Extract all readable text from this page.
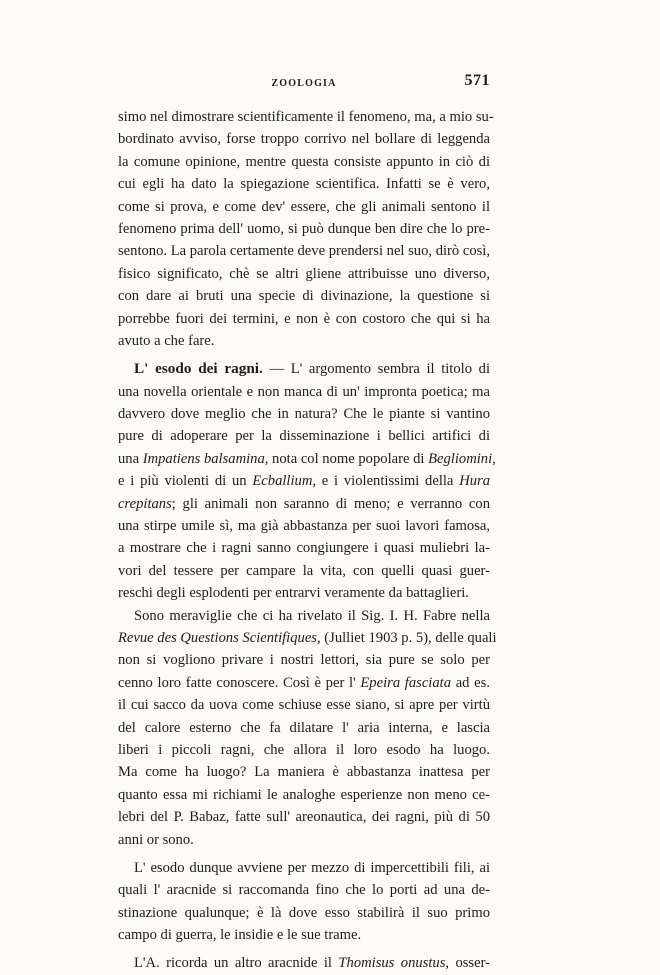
ZOOLOGIA	571
simo nel dimostrare scientificamente il fenomeno, ma, a mio su-
bordinato avviso, forse troppo corrivo nel bollare di leggenda
la comune opinione, mentre questa consiste appunto in ciò di
cui egli ha dato la spiegazione scientifica. Infatti se è vero,
come si prova, e come dev' essere, che gli animali sentono il
fenomeno prima dell' uomo, si può dunque ben dire che lo pre-
sentono. La parola certamente deve prendersi nel suo, dirò così,
fisico significato, chè se altri gliene attribuisse uno diverso,
con dare ai bruti una specie di divinazione, la questione si
porrebbe fuori dei termini, e non è con costoro che qui si ha
avuto a che fare.
L' esodo dei ragni. — L' argomento sembra il titolo di
una novella orientale e non manca di un' impronta poetica; ma
davvero dove meglio che in natura? Che le piante si vantino
pure di adoperare per la disseminazione i bellici artifici di
una Impatiens balsamina, nota col nome popolare di Begliomini,
e i più violenti di un Ecballium, e i violentissimi della Hura
crepitans; gli animali non saranno di meno; e verranno con
una stirpe umile sì, ma già abbastanza per suoi lavori famosa,
a mostrare che i ragni sanno congiungere i quasi muliebri la-
vori del tessere per campare la vita, con quelli quasi guer-
reschi degli esplodenti per entrarvi veramente da battaglieri.
Sono meraviglie che ci ha rivelato il Sig. I. H. Fabre nella
Revue des Questions Scientifiques, (Julliet 1903 p. 5), delle quali
non si vogliono privare i nostri lettori, sia pure se solo per
cenno loro fatte conoscere. Così è per l' Epeira fasciata ad es.
il cui sacco da uova come schiuse esse siano, si apre per virtù
del calore esterno che fa dilatare l' aria interna, e lascia
liberi i piccoli ragni, che allora il loro esodo ha luogo.
Ma come ha luogo? La maniera è abbastanza inattesa per
quanto essa mi richiami le analoghe esperienze non meno ce-
lebri del P. Babaz, fatte sull' areonautica, dei ragni, più di 50
anni or sono.
L' esodo dunque avviene per mezzo di impercettibili fili, ai
quali l' aracnide si raccomanda fino che lo porti ad una de-
stinazione qualunque; è là dove esso stabilirà il suo primo
campo di guerra, le insidie e le sue trame.
L'A. ricorda un altro aracnide il Thomisus onustus, osser-
